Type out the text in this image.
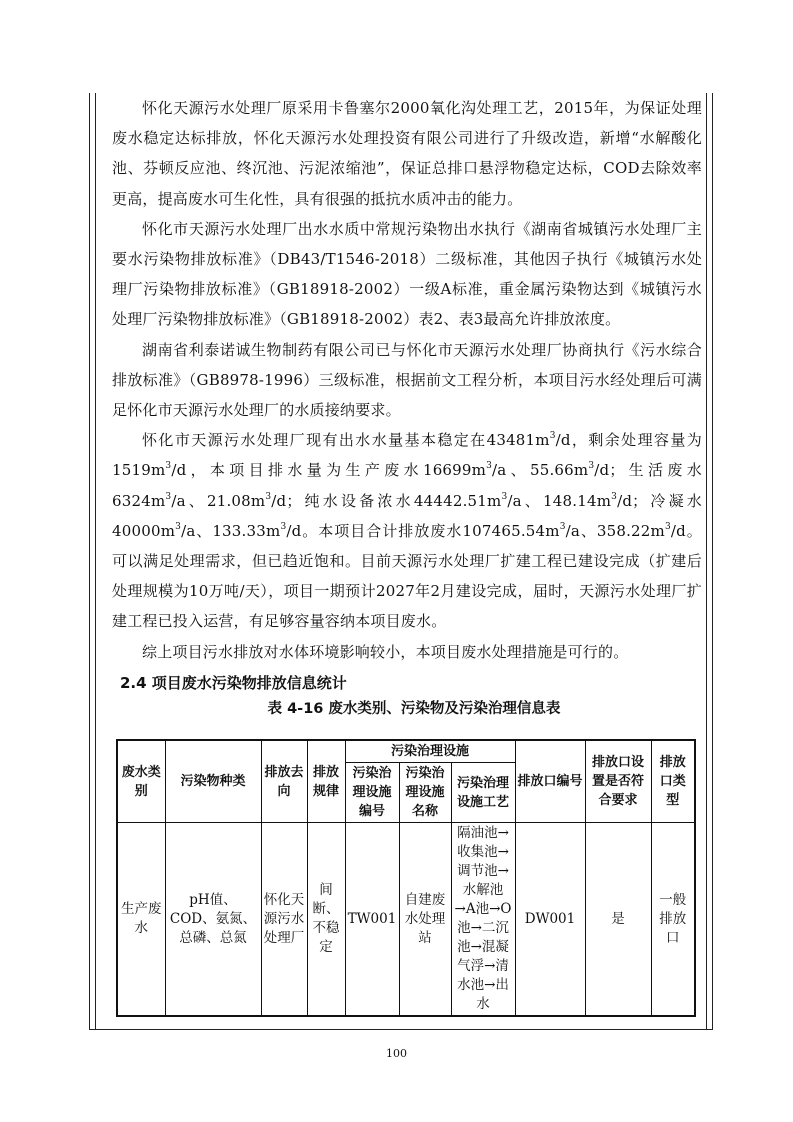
怀化天源污水处理厂原采用卡鲁塞尔2000氧化沟处理工艺，2015年，为保证处理废水稳定达标排放，怀化天源污水处理投资有限公司进行了升级改造，新增“水解酸化池、芬顿反应池、终沉池、污泥浓缩池”，保证总排口悬浮物稳定达标，COD去除效率更高，提高废水可生化性，具有很强的抵抗水质冲击的能力。

怀化市天源污水处理厂出水水质中常规污染物出水执行《湖南省城镇污水处理厂主要水污染物排放标准》（DB43/T1546-2018）二级标准，其他因子执行《城镇污水处理厂污染物排放标准》（GB18918-2002）一级A标准，重金属污染物达到《城镇污水处理厂污染物排放标准》（GB18918-2002）表2、表3最高允许排放浓度。

湖南省利泰诺诚生物制药有限公司已与怀化市天源污水处理厂协商执行《污水综合排放标准》（GB8978-1996）三级标准，根据前文工程分析，本项目污水经处理后可满足怀化市天源污水处理厂的水质接纳要求。

怀化市天源污水处理厂现有出水水量基本稳定在$43481m^3/d$，剩余处理容量为$1519m^3/d$，本项目排水量为生产废水$16699m^3/a$、$55.66m^3/d$；生活废水$6324m^3/a$、$21.08m^3/d$；纯水设备浓水$44442.51m^3/a$、$148.14m^3/d$；冷凝水$40000m^3/a$、$133.33m^3/d$。本项目合计排放废水$107465.54m^3/a$、$358.22m^3/d$。可以满足处理需求，但已趋近饱和。目前天源污水处理厂扩建工程已建设完成（扩建后处理规模为10万吨/天），项目一期预计2027年2月建设完成，届时，天源污水处理厂扩建工程已投入运营，有足够容量容纳本项目废水。

综上项目污水排放对水体环境影响较小，本项目废水处理措施是可行的。

2.4 项目废水污染物排放信息统计
表 4-16 废水类别、污染物及污染治理信息表
废水类别	污染物种类	排放去向	排放规律	污染治理设施			排放口编号	排放口设置是否符合要求	排放口类型
				污染治理设施编号	污染治理设施名称	污染治理设施工艺			
生产废水	pH值、COD、氨氮、总磷、总氮	怀化天源污水处理厂	间断、不稳定	TW001	自建废水处理站	隔油池→收集池→调节池→水解池→A池→O池→二沉池→混凝气浮→清水池→出水	DW001	是	一般排放口
100
